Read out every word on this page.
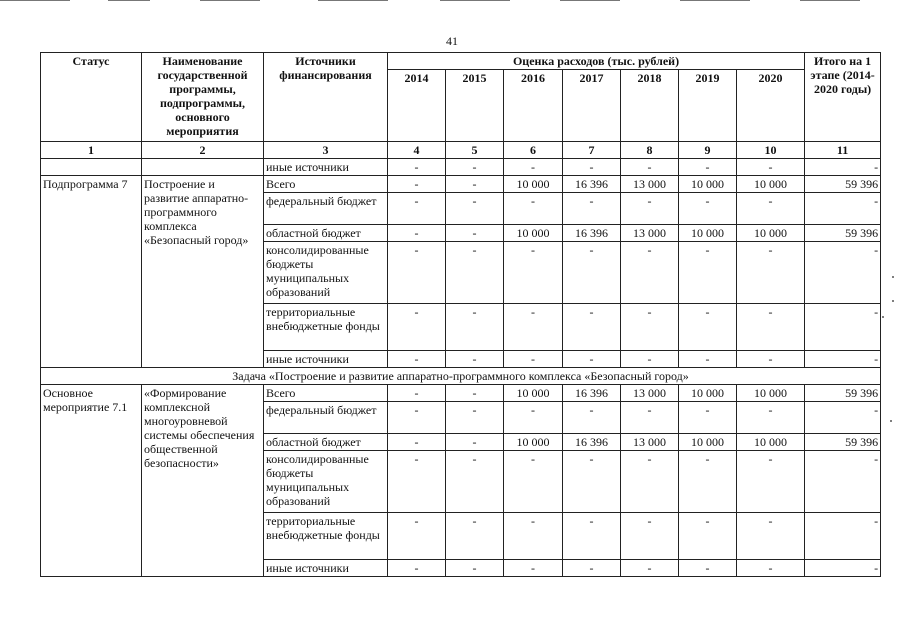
41
Статус	Наименование государственной программы, подпрограммы, основного мероприятия	Источники финансирования	Оценка расходов (тыс. рублей)							Итого на 1 этапе (2014-2020 годы)
			2014	2015	2016	2017	2018	2019	2020	
1	2	3	4	5	6	7	8	9	10	11
		иные источники	-	-	-	-	-	-	-	-
Подпрограмма 7	Построение и развитие аппаратно-программного комплекса «Безопасный город»	Всего	-	-	10 000	16 396	13 000	10 000	10 000	59 396
		федеральный бюджет	-	-	-	-	-	-	-	-
		областной бюджет	-	-	10 000	16 396	13 000	10 000	10 000	59 396
		консолидированные бюджеты муниципальных образований	-	-	-	-	-	-	-	-
		территориальные внебюджетные фонды	-	-	-	-	-	-	-	-
		иные источники	-	-	-	-	-	-	-	-
Задача «Построение и развитие аппаратно-программного комплекса «Безопасный город»										
Основное мероприятие 7.1	«Формирование комплексной многоуровневой системы обеспечения общественной безопасности»	Всего	-	-	10 000	16 396	13 000	10 000	10 000	59 396
		федеральный бюджет	-	-	-	-	-	-	-	-
		областной бюджет	-	-	10 000	16 396	13 000	10 000	10 000	59 396
		консолидированные бюджеты муниципальных образований	-	-	-	-	-	-	-	-
		территориальные внебюджетные фонды	-	-	-	-	-	-	-	-
		иные источники	-	-	-	-	-	-	-	-
